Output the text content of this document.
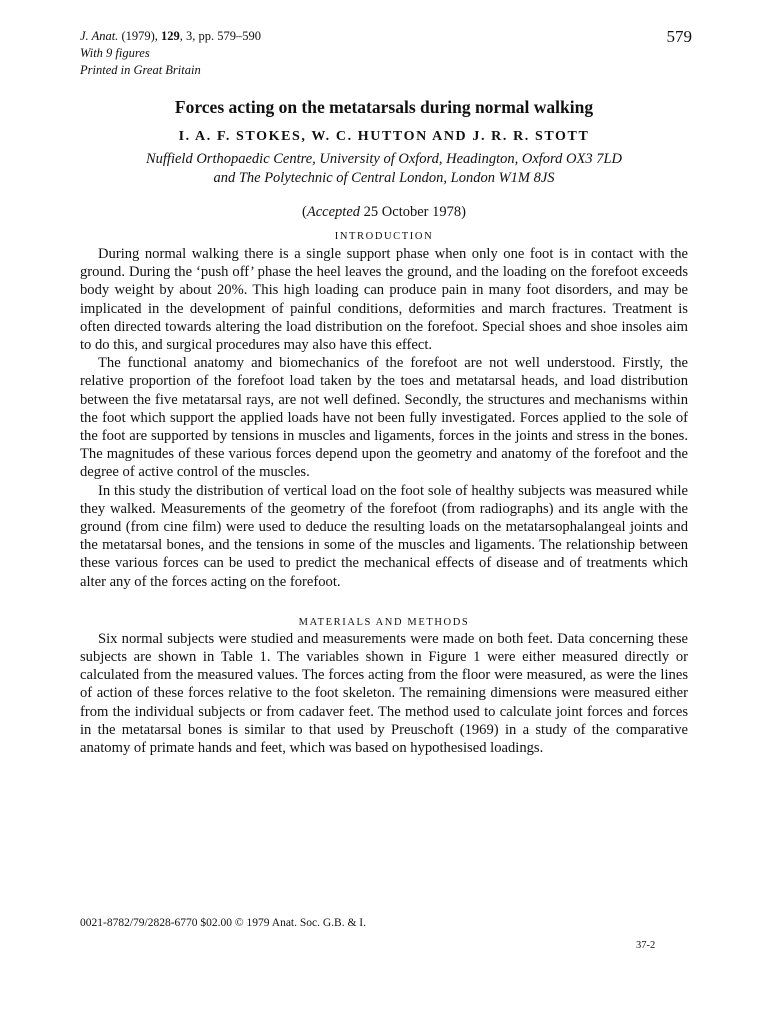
J. Anat. (1979), 129, 3, pp. 579–590
With 9 figures
Printed in Great Britain
579
Forces acting on the metatarsals during normal walking
I. A. F. STOKES, W. C. HUTTON AND J. R. R. STOTT
Nuffield Orthopaedic Centre, University of Oxford, Headington, Oxford OX3 7LD
and The Polytechnic of Central London, London W1M 8JS
(Accepted 25 October 1978)
INTRODUCTION

During normal walking there is a single support phase when only one foot is in contact with the ground. During the ‘push off’ phase the heel leaves the ground, and the loading on the forefoot exceeds body weight by about 20%. This high loading can produce pain in many foot disorders, and may be implicated in the development of painful conditions, deformities and march fractures. Treatment is often directed towards altering the load distribution on the forefoot. Special shoes and shoe insoles aim to do this, and surgical procedures may also have this effect.

The functional anatomy and biomechanics of the forefoot are not well understood. Firstly, the relative proportion of the forefoot load taken by the toes and metatarsal heads, and load distribution between the five metatarsal rays, are not well defined. Secondly, the structures and mechanisms within the foot which support the applied loads have not been fully investigated. Forces applied to the sole of the foot are supported by tensions in muscles and ligaments, forces in the joints and stress in the bones. The magnitudes of these various forces depend upon the geometry and anatomy of the forefoot and the degree of active control of the muscles.

In this study the distribution of vertical load on the foot sole of healthy subjects was measured while they walked. Measurements of the geometry of the forefoot (from radiographs) and its angle with the ground (from cine film) were used to deduce the resulting loads on the metatarsophalangeal joints and the metatarsal bones, and the tensions in some of the muscles and ligaments. The relationship between these various forces can be used to predict the mechanical effects of disease and of treatments which alter any of the forces acting on the forefoot.

MATERIALS AND METHODS

Six normal subjects were studied and measurements were made on both feet. Data concerning these subjects are shown in Table 1. The variables shown in Figure 1 were either measured directly or calculated from the measured values. The forces acting from the floor were measured, as were the lines of action of these forces relative to the foot skeleton. The remaining dimensions were measured either from the individual subjects or from cadaver feet. The method used to calculate joint forces and forces in the metatarsal bones is similar to that used by Preuschoft (1969) in a study of the comparative anatomy of primate hands and feet, which was based on hypothesised loadings.

0021-8782/79/2828-6770 $02.00 © 1979 Anat. Soc. G.B. & I.
37-2
